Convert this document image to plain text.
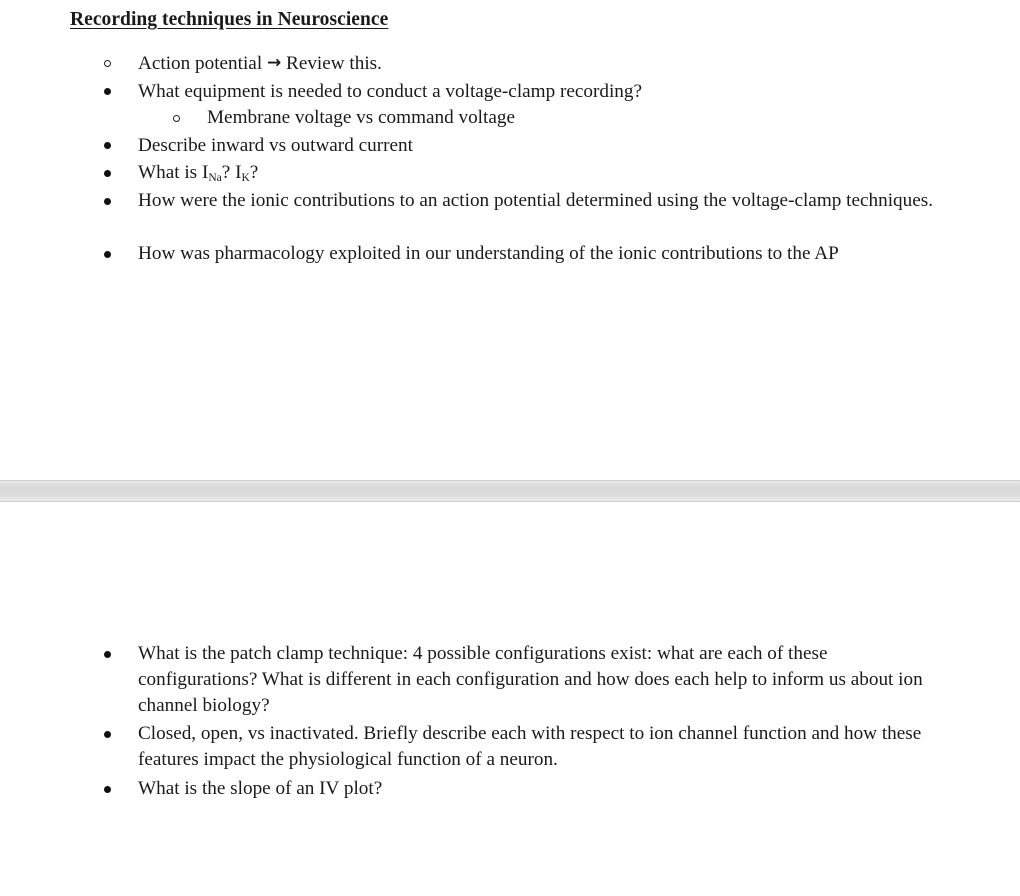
Recording techniques in Neuroscience
Action potential → Review this.
What equipment is needed to conduct a voltage-clamp recording?
Membrane voltage vs command voltage
Describe inward vs outward current
What is $I_{Na}$? $I_K$?
How were the ionic contributions to an action potential determined using the voltage-clamp techniques.
How was pharmacology exploited in our understanding of the ionic contributions to the AP
What is the patch clamp technique: 4 possible configurations exist: what are each of these configurations? What is different in each configuration and how does each help to inform us about ion channel biology?
Closed, open, vs inactivated. Briefly describe each with respect to ion channel function and how these features impact the physiological function of a neuron.
What is the slope of an IV plot?
